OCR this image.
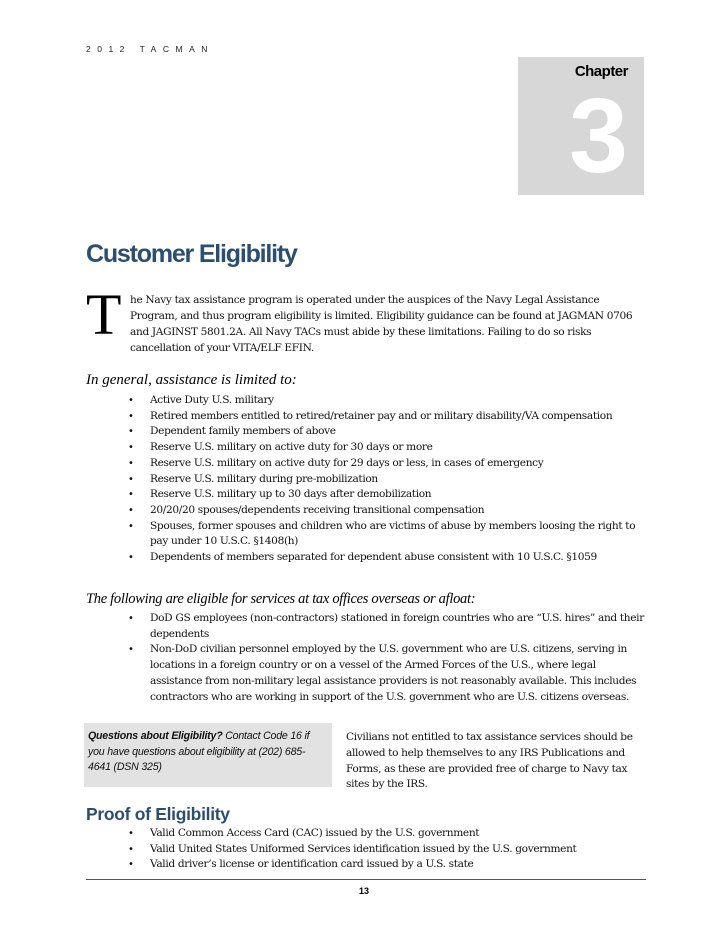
2012 TACMAN
Chapter
3
Customer Eligibility
T he Navy tax assistance program is operated under the auspices of the Navy Legal Assistance Program, and thus program eligibility is limited. Eligibility guidance can be found at JAGMAN 0706 and JAGINST 5801.2A. All Navy TACs must abide by these limitations. Failing to do so risks cancellation of your VITA/ELF EFIN.

In general, assistance is limited to:

• Active Duty U.S. military
• Retired members entitled to retired/retainer pay and or military disability/VA compensation
• Dependent family members of above
• Reserve U.S. military on active duty for 30 days or more
• Reserve U.S. military on active duty for 29 days or less, in cases of emergency
• Reserve U.S. military during pre-mobilization
• Reserve U.S. military up to 30 days after demobilization
• 20/20/20 spouses/dependents receiving transitional compensation
• Spouses, former spouses and children who are victims of abuse by members loosing the right to pay under 10 U.S.C. §1408(h)
• Dependents of members separated for dependent abuse consistent with 10 U.S.C. §1059

The following are eligible for services at tax offices overseas or afloat:

• DoD GS employees (non-contractors) stationed in foreign countries who are “U.S. hires” and their dependents
• Non-DoD civilian personnel employed by the U.S. government who are U.S. citizens, serving in locations in a foreign country or on a vessel of the Armed Forces of the U.S., where legal assistance from non-military legal assistance providers is not reasonably available. This includes contractors who are working in support of the U.S. government who are U.S. citizens overseas.
Questions about Eligibility? Contact Code 16 if you have questions about eligibility at (202) 685-4641 (DSN 325)

Civilians not entitled to tax assistance services should be allowed to help themselves to any IRS Publications and Forms, as these are provided free of charge to Navy tax sites by the IRS.

Proof of Eligibility
• Valid Common Access Card (CAC) issued by the U.S. government
• Valid United States Uniformed Services identification issued by the U.S. government
• Valid driver’s license or identification card issued by a U.S. state
13
